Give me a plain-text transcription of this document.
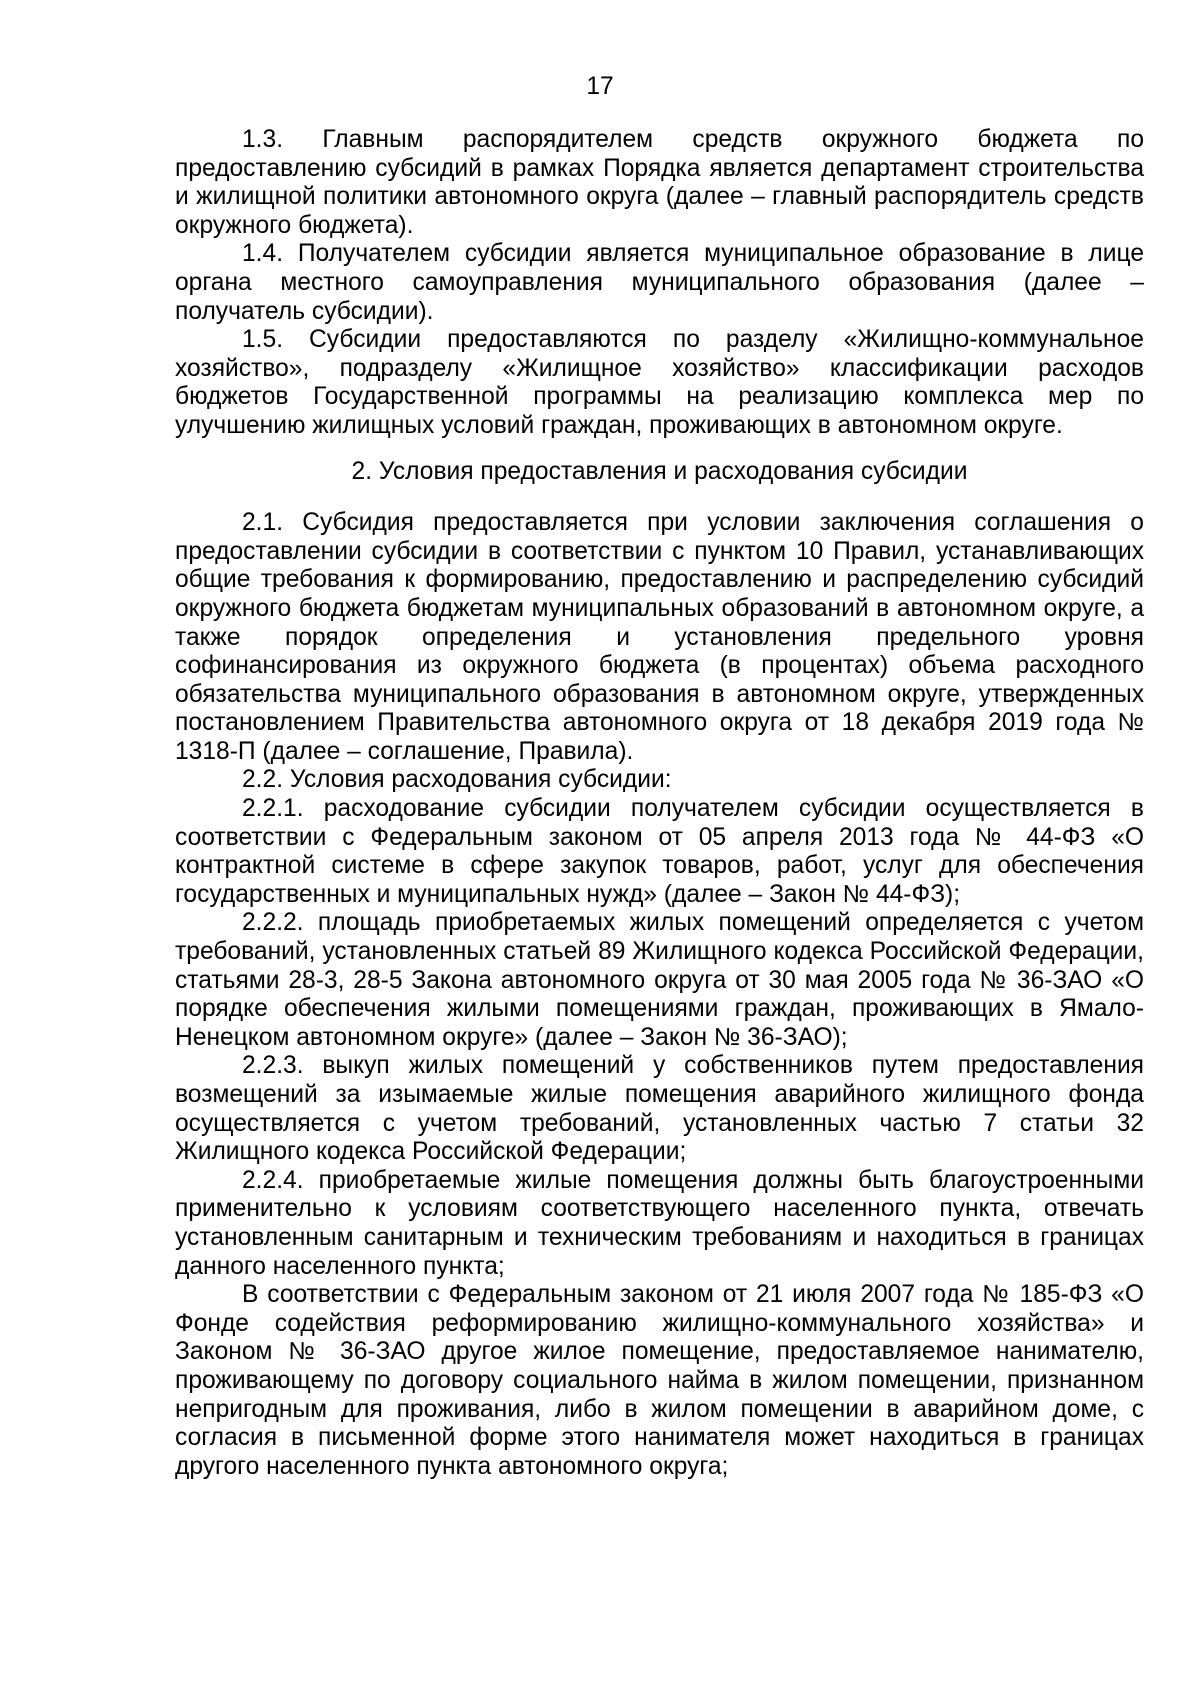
17

1.3. Главным распорядителем средств окружного бюджета по предоставлению субсидий в рамках Порядка является департамент строительства и жилищной политики автономного округа (далее – главный распорядитель средств окружного бюджета).

1.4. Получателем субсидии является муниципальное образование в лице органа местного самоуправления муниципального образования (далее – получатель субсидии).

1.5. Субсидии предоставляются по разделу «Жилищно-коммунальное хозяйство», подразделу «Жилищное хозяйство» классификации расходов бюджетов Государственной программы на реализацию комплекса мер по улучшению жилищных условий граждан, проживающих в автономном округе.

2. Условия предоставления и расходования субсидии

2.1. Субсидия предоставляется при условии заключения соглашения о предоставлении субсидии в соответствии с пунктом 10 Правил, устанавливающих общие требования к формированию, предоставлению и распределению субсидий окружного бюджета бюджетам муниципальных образований в автономном округе, а также порядок определения и установления предельного уровня софинансирования из окружного бюджета (в процентах) объема расходного обязательства муниципального образования в автономном округе, утвержденных постановлением Правительства автономного округа от 18 декабря 2019 года № 1318-П (далее – соглашение, Правила).

2.2. Условия расходования субсидии:

2.2.1. расходование субсидии получателем субсидии осуществляется в соответствии с Федеральным законом от 05 апреля 2013 года № 44-ФЗ «О контрактной системе в сфере закупок товаров, работ, услуг для обеспечения государственных и муниципальных нужд» (далее – Закон № 44-ФЗ);

2.2.2. площадь приобретаемых жилых помещений определяется с учетом требований, установленных статьей 89 Жилищного кодекса Российской Федерации, статьями 28-3, 28-5 Закона автономного округа от 30 мая 2005 года № 36-ЗАО «О порядке обеспечения жилыми помещениями граждан, проживающих в Ямало-Ненецком автономном округе» (далее – Закон № 36-ЗАО);

2.2.3. выкуп жилых помещений у собственников путем предоставления возмещений за изымаемые жилые помещения аварийного жилищного фонда осуществляется с учетом требований, установленных частью 7 статьи 32 Жилищного кодекса Российской Федерации;

2.2.4. приобретаемые жилые помещения должны быть благоустроенными применительно к условиям соответствующего населенного пункта, отвечать установленным санитарным и техническим требованиям и находиться в границах данного населенного пункта;

В соответствии с Федеральным законом от 21 июля 2007 года № 185-ФЗ «О Фонде содействия реформированию жилищно-коммунального хозяйства» и Законом № 36-ЗАО другое жилое помещение, предоставляемое нанимателю, проживающему по договору социального найма в жилом помещении, признанном непригодным для проживания, либо в жилом помещении в аварийном доме, с согласия в письменной форме этого нанимателя может находиться в границах другого населенного пункта автономного округа;
